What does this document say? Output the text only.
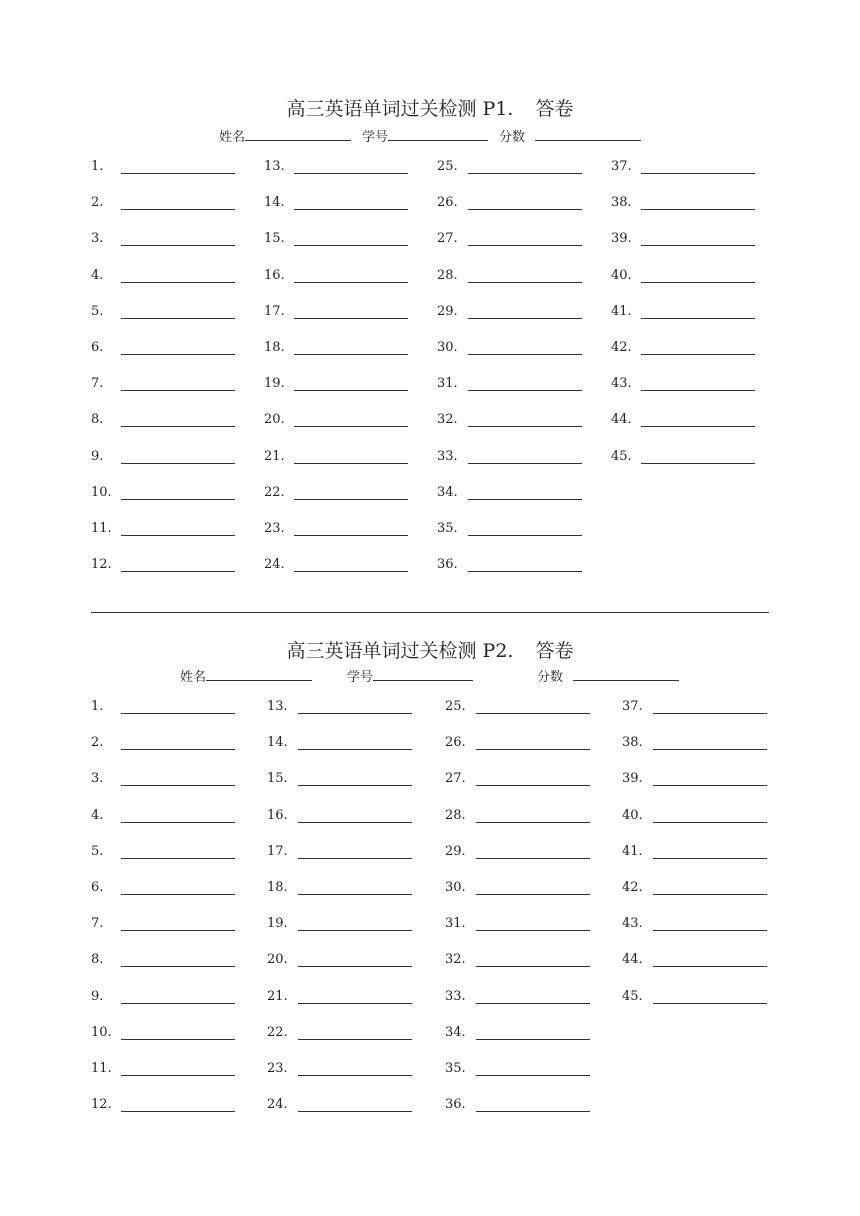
高三英语单词过关检测 P1. 答卷
姓名	学号	分数
1.
2.
3.
4.
5.
6.
7.
8.
9.
10.
11.
12.
13.
14.
15.
16.
17.
18.
19.
20.
21.
22.
23.
24.
25.
26.
27.
28.
29.
30.
31.
32.
33.
34.
35.
36.
37.
38.
39.
40.
41.
42.
43.
44.
45.
高三英语单词过关检测 P2. 答卷
姓名	学号	分数
1.
2.
3.
4.
5.
6.
7.
8.
9.
10.
11.
12.
13.
14.
15.
16.
17.
18.
19.
20.
21.
22.
23.
24.
25.
26.
27.
28.
29.
30.
31.
32.
33.
34.
35.
36.
37.
38.
39.
40.
41.
42.
43.
44.
45.
